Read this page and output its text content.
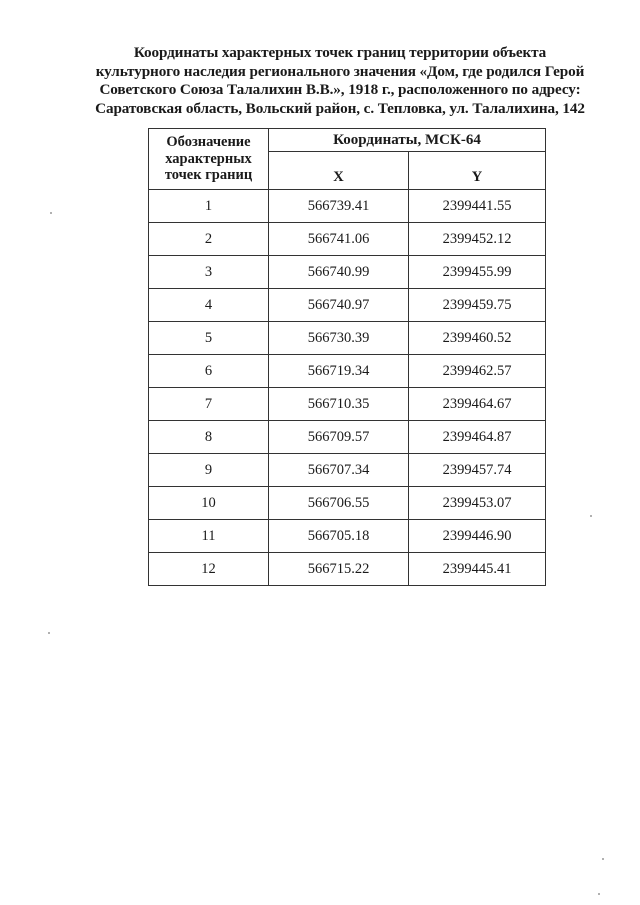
Координаты характерных точек границ территории объекта
культурного наследия регионального значения «Дом, где родился Герой
Советского Союза Талалихин В.В.», 1918 г., расположенного по адресу:
Саратовская область, Вольский район, с. Тепловка, ул. Талалихина, 142
Обозначение
характерных
точек границ	Координаты, МСК-64	
	X	Y
1	566739.41	2399441.55
2	566741.06	2399452.12
3	566740.99	2399455.99
4	566740.97	2399459.75
5	566730.39	2399460.52
6	566719.34	2399462.57
7	566710.35	2399464.67
8	566709.57	2399464.87
9	566707.34	2399457.74
10	566706.55	2399453.07
11	566705.18	2399446.90
12	566715.22	2399445.41
